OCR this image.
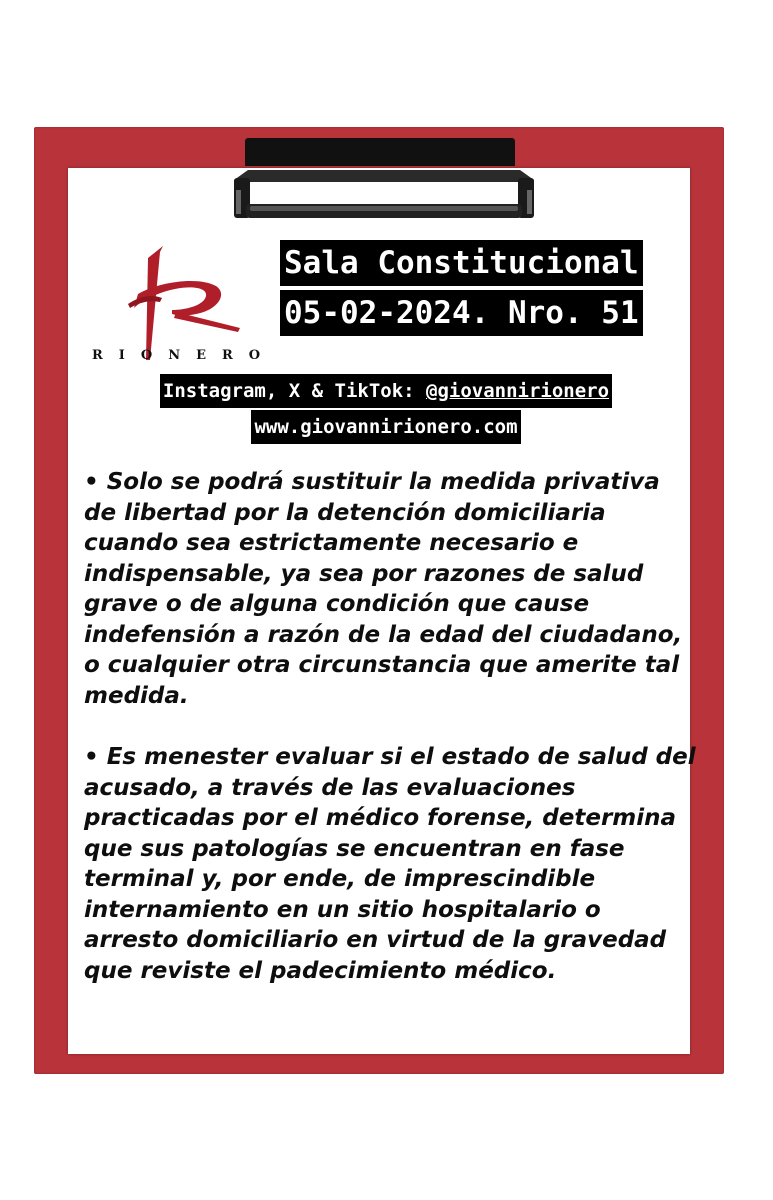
RIONERO
Sala Constitucional
05-02-2024. Nro. 51
Instagram, X & TikTok: @giovannirionero
www.giovannirionero.com

• Solo se podrá sustituir la medida privativa de libertad por la detención domiciliaria cuando sea estrictamente necesario e indispensable, ya sea por razones de salud grave o de alguna condición que cause indefensión a razón de la edad del ciudadano, o cualquier otra circunstancia que amerite tal medida.

• Es menester evaluar si el estado de salud del acusado, a través de las evaluaciones practicadas por el médico forense, determina que sus patologías se encuentran en fase terminal y, por ende, de imprescindible internamiento en un sitio hospitalario o arresto domiciliario en virtud de la gravedad que reviste el padecimiento médico.
